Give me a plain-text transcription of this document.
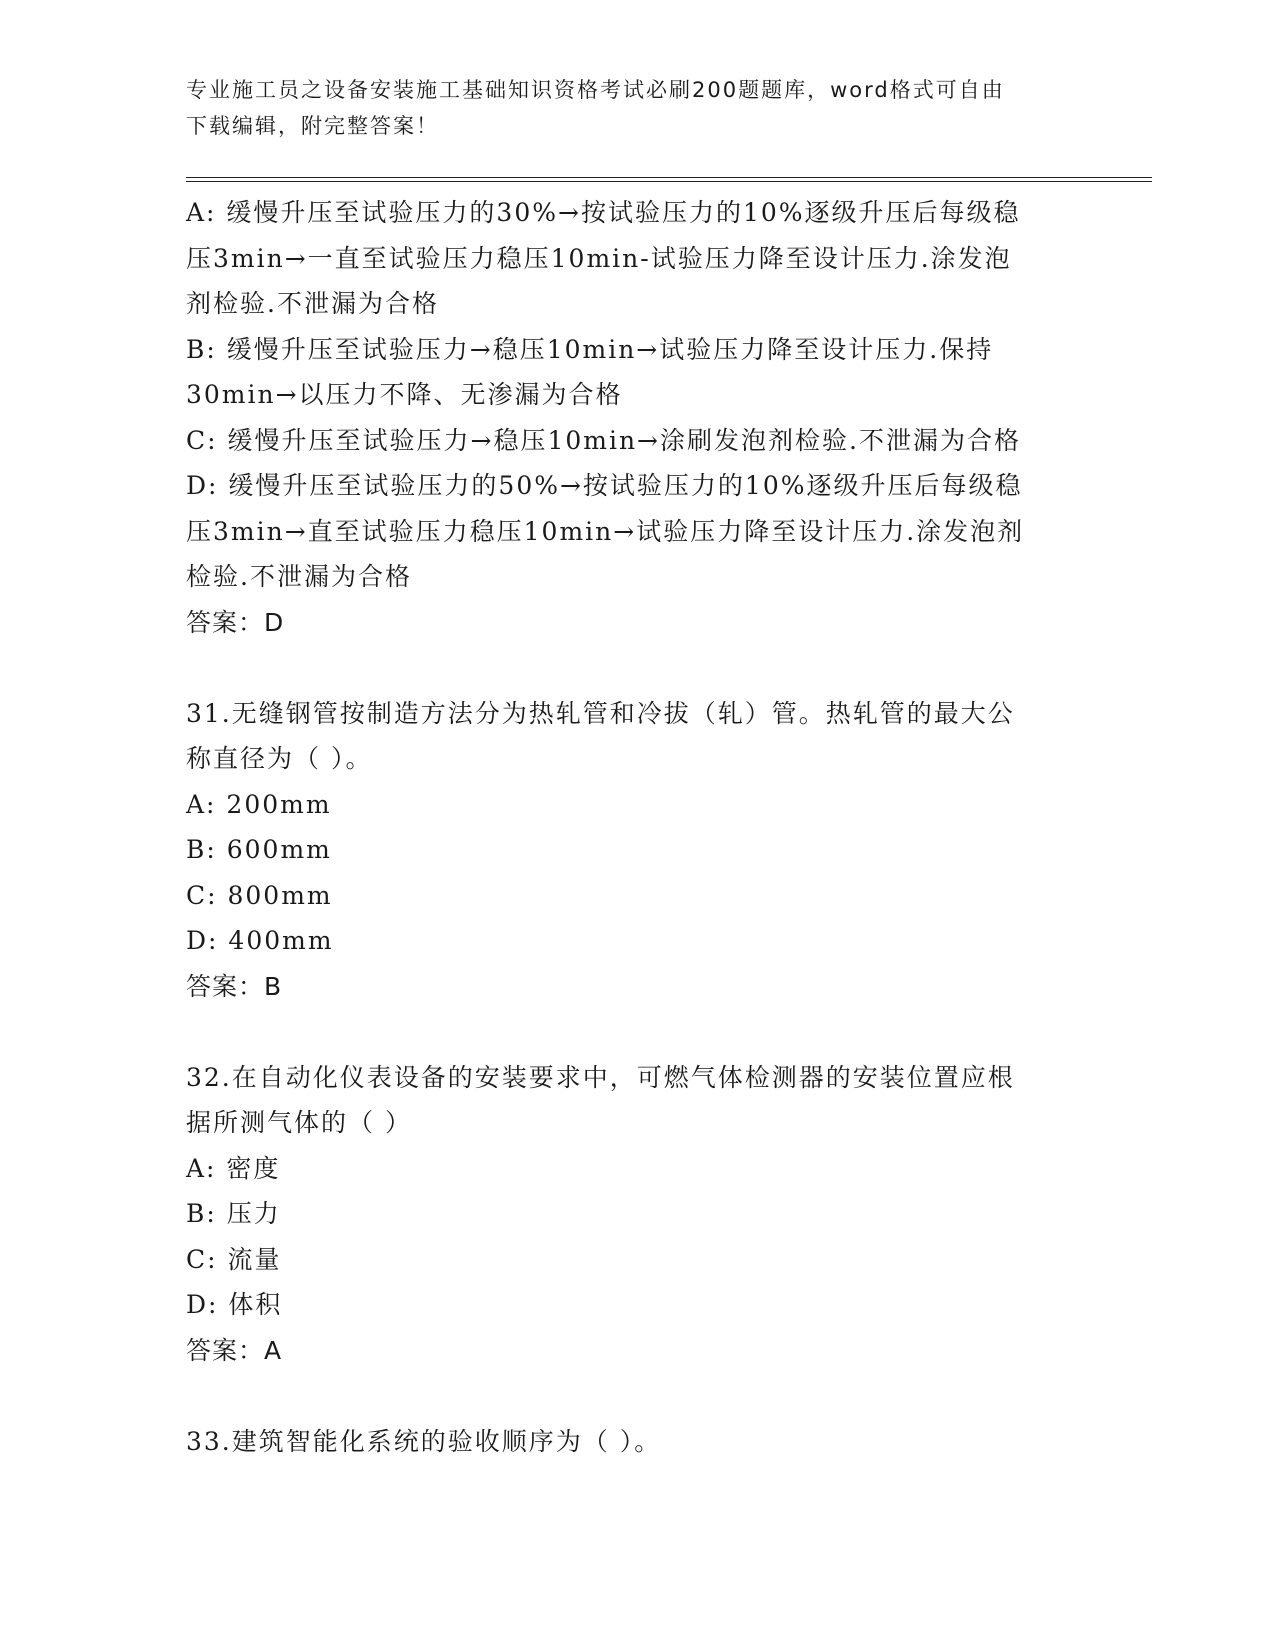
专业施工员之设备安装施工基础知识资格考试必刷200题题库，word格式可自由
下载编辑，附完整答案！
A: 缓慢升压至试验压力的30%→按试验压力的10%逐级升压后每级稳
压3min→一直至试验压力稳压10min-试验压力降至设计压力.涂发泡
剂检验.不泄漏为合格
B: 缓慢升压至试验压力→稳压10min→试验压力降至设计压力.保持
30min→以压力不降、无渗漏为合格
C: 缓慢升压至试验压力→稳压10min→涂刷发泡剂检验.不泄漏为合格
D: 缓慢升压至试验压力的50%→按试验压力的10%逐级升压后每级稳
压3min→直至试验压力稳压10min→试验压力降至设计压力.涂发泡剂
检验.不泄漏为合格
答案：D
31.无缝钢管按制造方法分为热轧管和冷拔（轧）管。热轧管的最大公
称直径为（ ）。
A: 200mm
B: 600mm
C: 800mm
D: 400mm
答案：B
32.在自动化仪表设备的安装要求中，可燃气体检测器的安装位置应根
据所测气体的（ ）
A: 密度
B: 压力
C: 流量
D: 体积
答案：A
33.建筑智能化系统的验收顺序为（ ）。
